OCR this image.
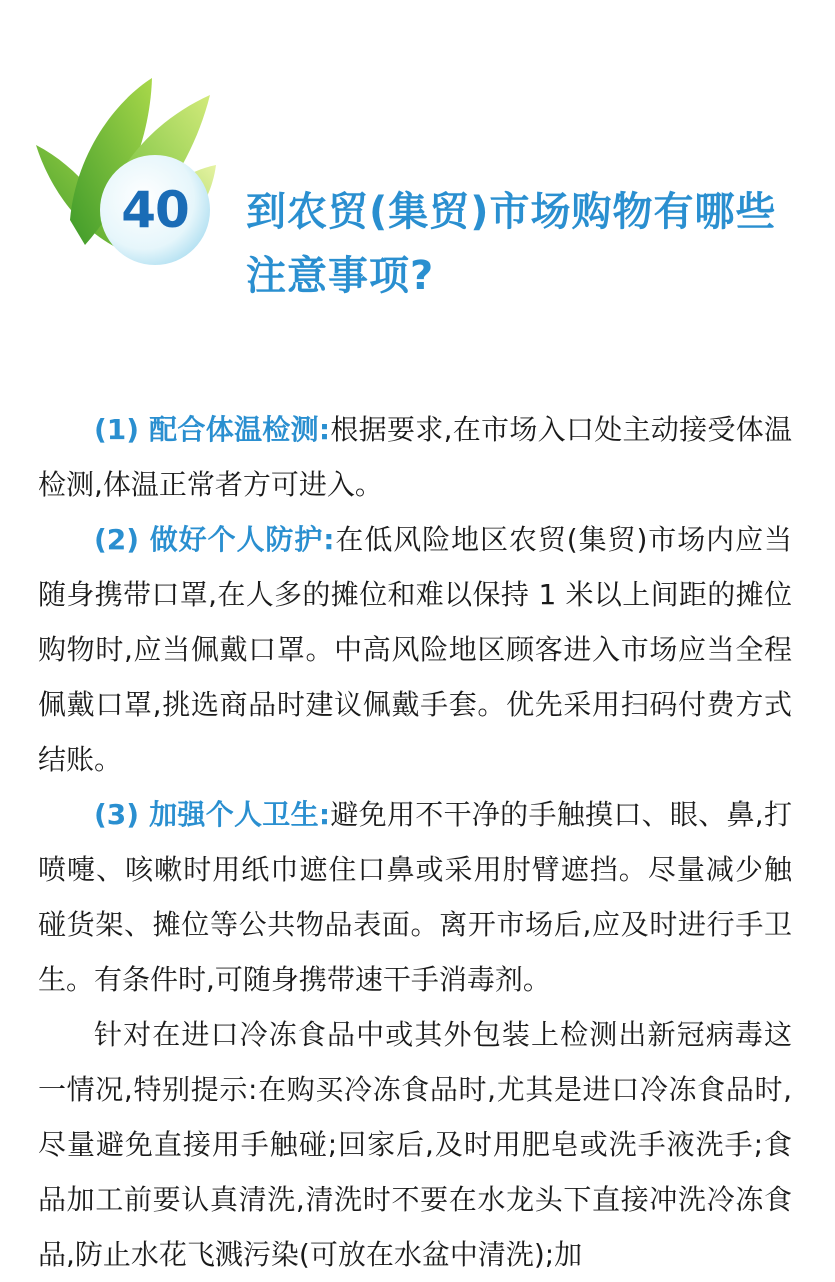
40	到农贸(集贸)市场购物有哪些注意事项?

(1) 配合体温检测:根据要求,在市场入口处主动接受体温检测,体温正常者方可进入。

(2) 做好个人防护:在低风险地区农贸(集贸)市场内应当随身携带口罩,在人多的摊位和难以保持 1 米以上间距的摊位购物时,应当佩戴口罩。中高风险地区顾客进入市场应当全程佩戴口罩,挑选商品时建议佩戴手套。优先采用扫码付费方式结账。

(3) 加强个人卫生:避免用不干净的手触摸口、眼、鼻,打喷嚏、咳嗽时用纸巾遮住口鼻或采用肘臂遮挡。尽量减少触碰货架、摊位等公共物品表面。离开市场后,应及时进行手卫生。有条件时,可随身携带速干手消毒剂。

针对在进口冷冻食品中或其外包装上检测出新冠病毒这一情况,特别提示:在购买冷冻食品时,尤其是进口冷冻食品时,尽量避免直接用手触碰;回家后,及时用肥皂或洗手液洗手;食品加工前要认真清洗,清洗时不要在水龙头下直接冲洗冷冻食品,防止水花飞溅污染(可放在水盆中清洗);加
